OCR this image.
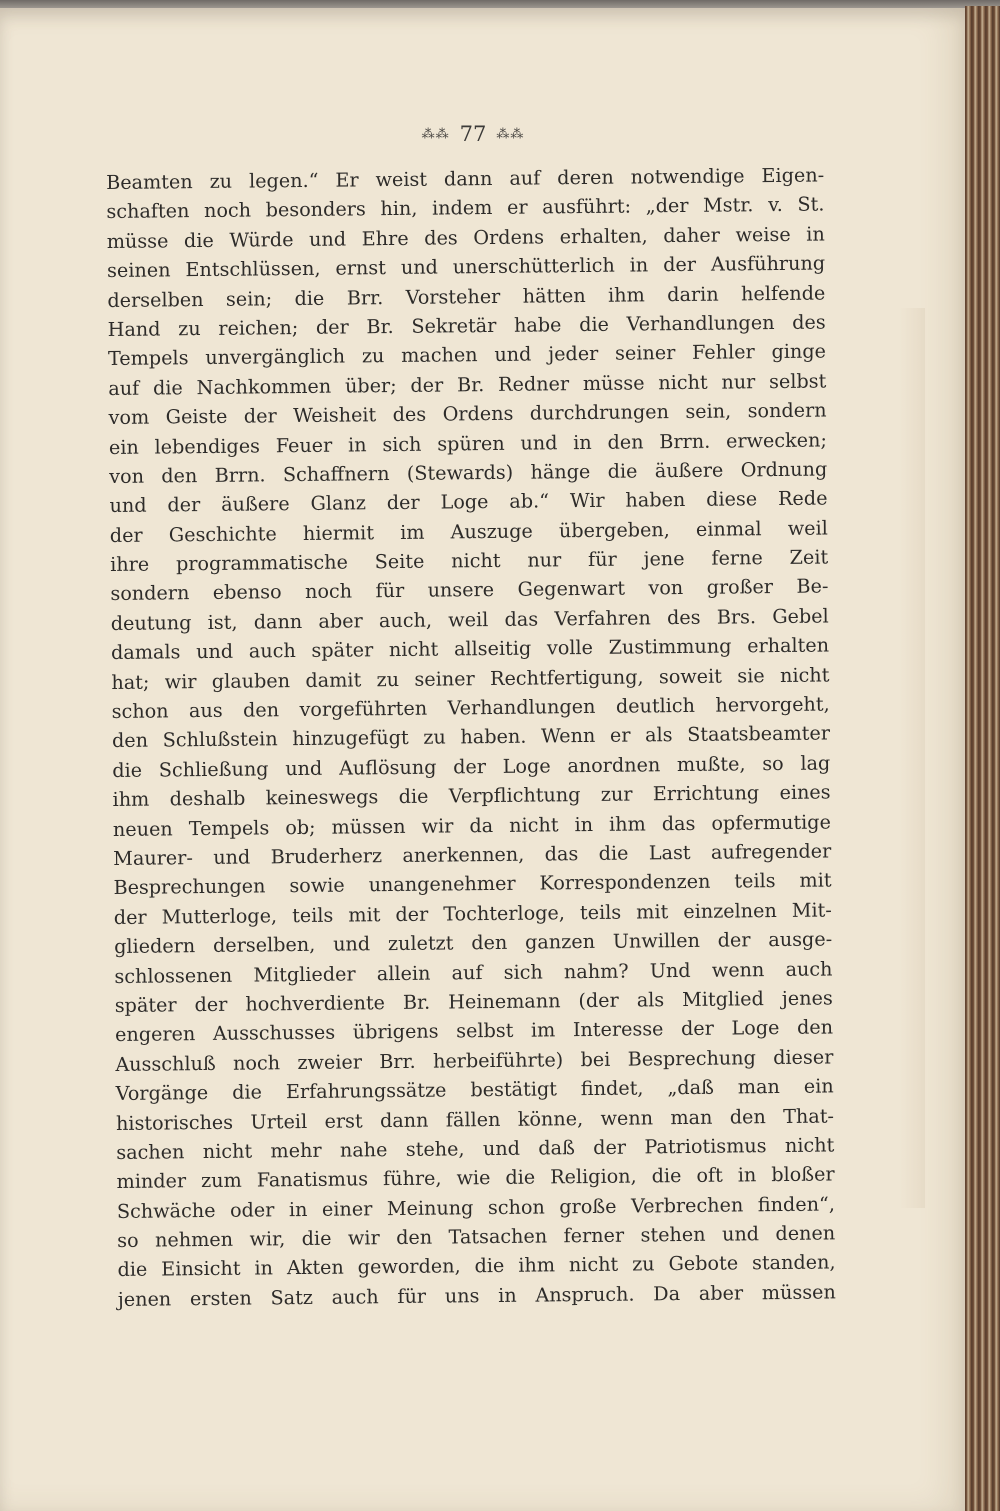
⁂⁂ 77 ⁂⁂
Beamten zu legen.“ Er weist dann auf deren notwendige Eigen-
schaften noch besonders hin, indem er ausführt: „der Mstr. v. St.
müsse die Würde und Ehre des Ordens erhalten, daher weise in
seinen Entschlüssen, ernst und unerschütterlich in der Ausführung
derselben sein; die Brr. Vorsteher hätten ihm darin helfende
Hand zu reichen; der Br. Sekretär habe die Verhandlungen des
Tempels unvergänglich zu machen und jeder seiner Fehler ginge
auf die Nachkommen über; der Br. Redner müsse nicht nur selbst
vom Geiste der Weisheit des Ordens durchdrungen sein, sondern
ein lebendiges Feuer in sich spüren und in den Brrn. erwecken;
von den Brrn. Schaffnern (Stewards) hänge die äußere Ordnung
und der äußere Glanz der Loge ab.“ Wir haben diese Rede
der Geschichte hiermit im Auszuge übergeben, einmal weil
ihre programmatische Seite nicht nur für jene ferne Zeit
sondern ebenso noch für unsere Gegenwart von großer Be-
deutung ist, dann aber auch, weil das Verfahren des Brs. Gebel
damals und auch später nicht allseitig volle Zustimmung erhalten
hat; wir glauben damit zu seiner Rechtfertigung, soweit sie nicht
schon aus den vorgeführten Verhandlungen deutlich hervorgeht,
den Schlußstein hinzugefügt zu haben. Wenn er als Staatsbeamter
die Schließung und Auflösung der Loge anordnen mußte, so lag
ihm deshalb keineswegs die Verpflichtung zur Errichtung eines
neuen Tempels ob; müssen wir da nicht in ihm das opfermutige
Maurer- und Bruderherz anerkennen, das die Last aufregender
Besprechungen sowie unangenehmer Korrespondenzen teils mit
der Mutterloge, teils mit der Tochterloge, teils mit einzelnen Mit-
gliedern derselben, und zuletzt den ganzen Unwillen der ausge-
schlossenen Mitglieder allein auf sich nahm? Und wenn auch
später der hochverdiente Br. Heinemann (der als Mitglied jenes
engeren Ausschusses übrigens selbst im Interesse der Loge den
Ausschluß noch zweier Brr. herbeiführte) bei Besprechung dieser
Vorgänge die Erfahrungssätze bestätigt findet, „daß man ein
historisches Urteil erst dann fällen könne, wenn man den That-
sachen nicht mehr nahe stehe, und daß der Patriotismus nicht
minder zum Fanatismus führe, wie die Religion, die oft in bloßer
Schwäche oder in einer Meinung schon große Verbrechen finden“,
so nehmen wir, die wir den Tatsachen ferner stehen und denen
die Einsicht in Akten geworden, die ihm nicht zu Gebote standen,
jenen ersten Satz auch für uns in Anspruch. Da aber müssen
